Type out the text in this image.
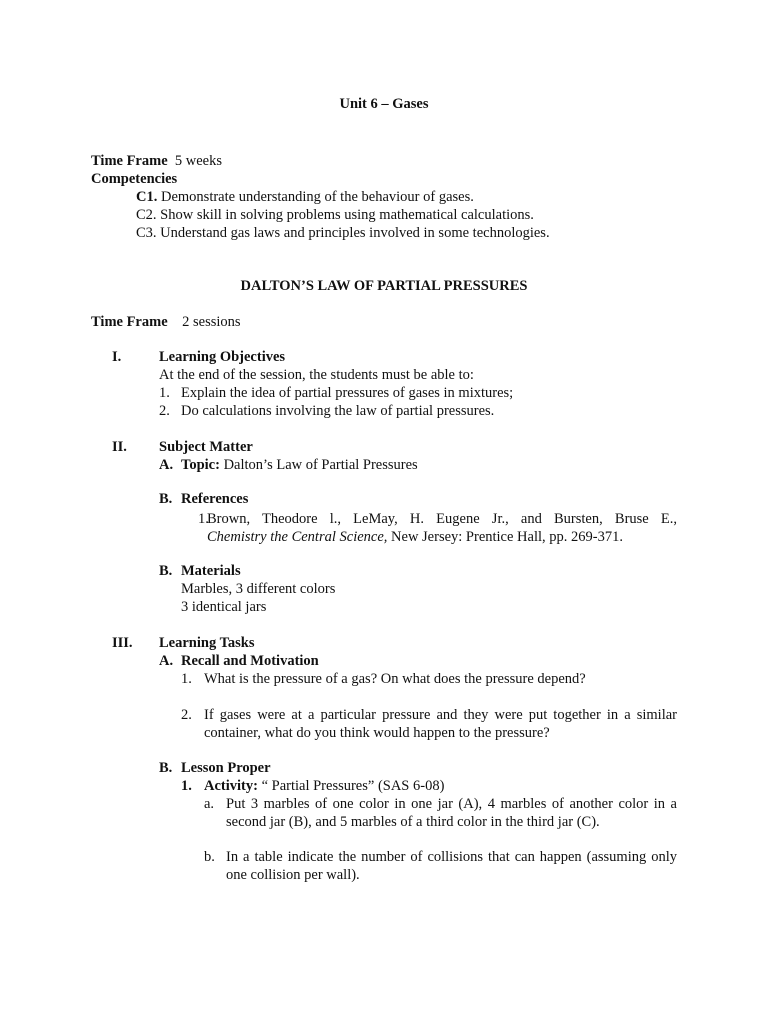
Unit 6 – Gases
Time Frame 5 weeks
Competencies
C1. Demonstrate understanding of the behaviour of gases.
C2. Show skill in solving problems using mathematical calculations.
C3. Understand gas laws and principles involved in some technologies.
DALTON’S LAW OF PARTIAL PRESSURES
Time Frame 2 sessions
I.	Learning Objectives
At the end of the session, the students must be able to:
1. Explain the idea of partial pressures of gases in mixtures;
2. Do calculations involving the law of partial pressures.
II. Subject Matter
A. Topic: Dalton’s Law of Partial Pressures
B. References
1.
Brown, Theodore l., LeMay, H. Eugene Jr., and Bursten, Bruse E.,
Chemistry the Central Science, New Jersey: Prentice Hall, pp. 269-371.
B. Materials
Marbles, 3 different colors
3 identical jars
III. Learning Tasks
A. Recall and Motivation
1. What is the pressure of a gas? On what does the pressure depend?
2. If gases were at a particular pressure and they were put together in a similar
container, what do you think would happen to the pressure?
B. Lesson Proper
1. Activity: “ Partial Pressures” (SAS 6-08)
a. Put 3 marbles of one color in one jar (A), 4 marbles of another color in a
second jar (B), and 5 marbles of a third color in the third jar (C).
b. In a table indicate the number of collisions that can happen (assuming only
one collision per wall).
